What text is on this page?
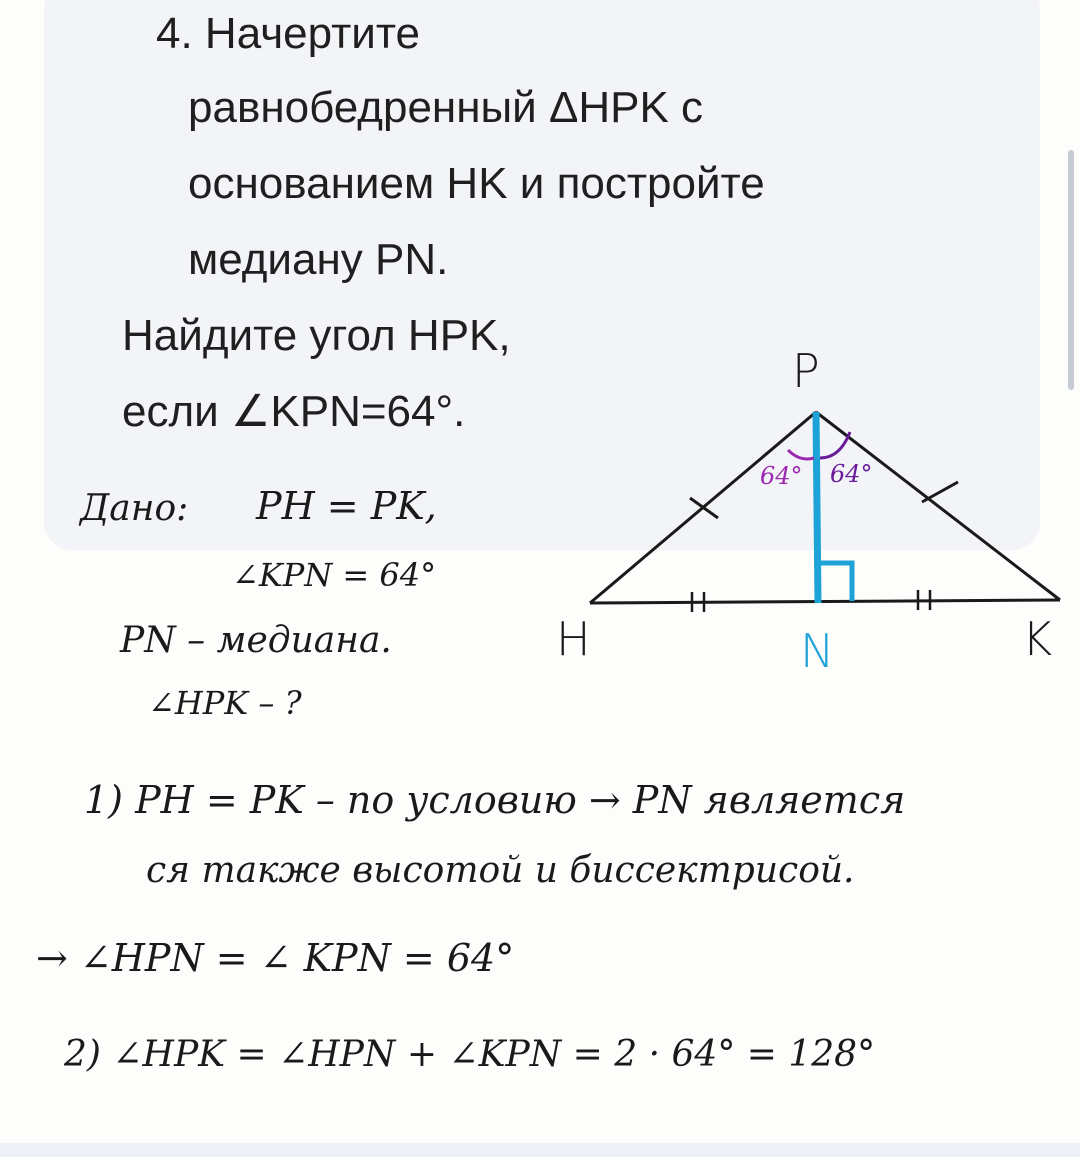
4. Начертите
равнобедренный ΔHPK с
основанием HK и постройте
медиану PN.
Найдите угол HPK,
если ∠KPN=64°.
P
H	K
N
64° 64°
Дано: PH = PK,
∠KPN = 64°
PN – медиана.
∠HPK – ?
1) PH = PK – по условию → PN является
ся также высотой и биссектрисой.
→ ∠HPN = ∠ KPN = 64°
2) ∠HPK = ∠HPN + ∠KPN = 2 · 64° = 128°
